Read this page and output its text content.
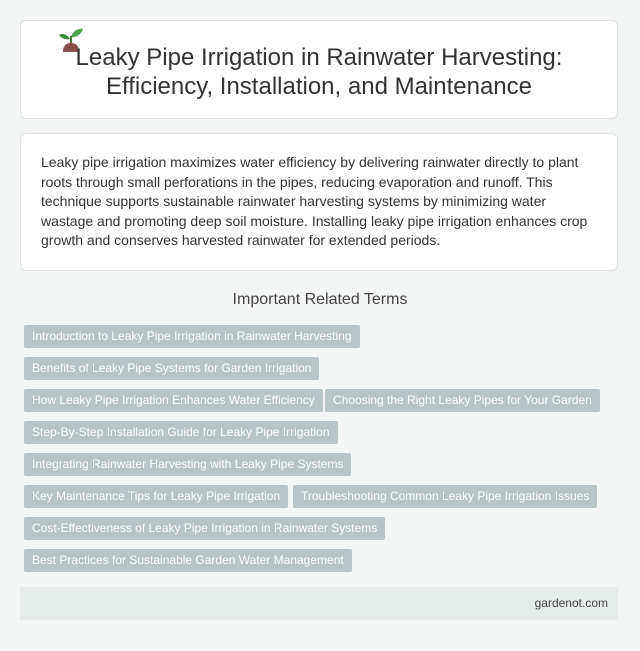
Leaky Pipe Irrigation in Rainwater Harvesting:
Efficiency, Installation, and Maintenance

Leaky pipe irrigation maximizes water efficiency by delivering rainwater directly to plant roots through small perforations in the pipes, reducing evaporation and runoff. This technique supports sustainable rainwater harvesting systems by minimizing water wastage and promoting deep soil moisture. Installing leaky pipe irrigation enhances crop growth and conserves harvested rainwater for extended periods.

Important Related Terms
Introduction to Leaky Pipe Irrigation in Rainwater Harvesting
Benefits of Leaky Pipe Systems for Garden Irrigation
How Leaky Pipe Irrigation Enhances Water Efficiency	Choosing the Right Leaky Pipes for Your Garden
Step-By-Step Installation Guide for Leaky Pipe Irrigation
Integrating Rainwater Harvesting with Leaky Pipe Systems
Key Maintenance Tips for Leaky Pipe Irrigation	Troubleshooting Common Leaky Pipe Irrigation Issues
Cost-Effectiveness of Leaky Pipe Irrigation in Rainwater Systems
Best Practices for Sustainable Garden Water Management
gardenot.com
